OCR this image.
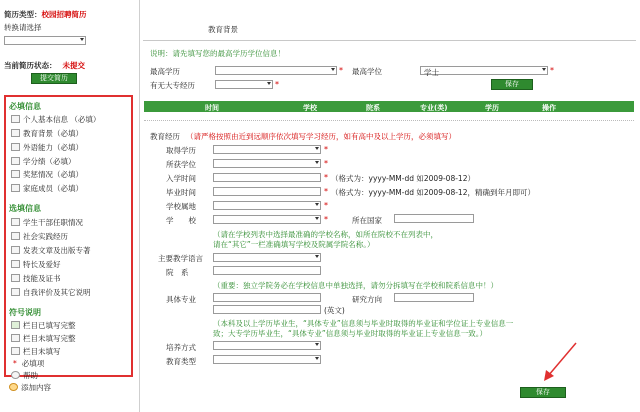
简历类型：校园招聘简历
转换请选择
当前简历状态： 未提交
提交简历
必填信息
个人基本信息 （必填）
教育背景（必填）
外语能力（必填）
学分绩（必填）
奖惩情况（必填）
家庭成员（必填）
选填信息
学生干部任职情况
社会实践经历
发表文章及出版专著
特长及爱好
技能及证书
自我评价及其它说明
符号说明
栏目已填写完整
栏目未填写完整
栏目未填写
* 必填项
帮助
添加内容
教育背景
说明：请先填写您的最高学历学位信息！
最高学历	* 最高学位	学士	*
有无大专经历	*	保存
时间	学校	院系	专业(类)	学历	操作
教育经历 （请严格按照由近到远顺序依次填写学习经历，如有高中及以上学历，必须填写）
取得学历	*
所获学位	*
入学时间	* （格式为：yyyy-MM-dd 如2009-08-12）
毕业时间	* （格式为：yyyy-MM-dd 如2009-08-12，精确到年月即可）
学校属地	*
学　　校	*	所在国家
（请在学校列表中选择最准确的学校名称，如所在院校不在列表中，
请在“其它”一栏准确填写学校及院属学院名称。）
主要教学语言
院　系
（重要：独立学院务必在学校信息中单独选择，请勿分拆填写在学校和院系信息中！）
具体专业	研究方向
(英文)
（本科及以上学历毕业生，“具体专业”信息须与毕业时取得的毕业证和学位证上专业信息一
致；大专学历毕业生，“具体专业”信息须与毕业时取得的毕业证上专业信息一致。）
培养方式
教育类型
保存
